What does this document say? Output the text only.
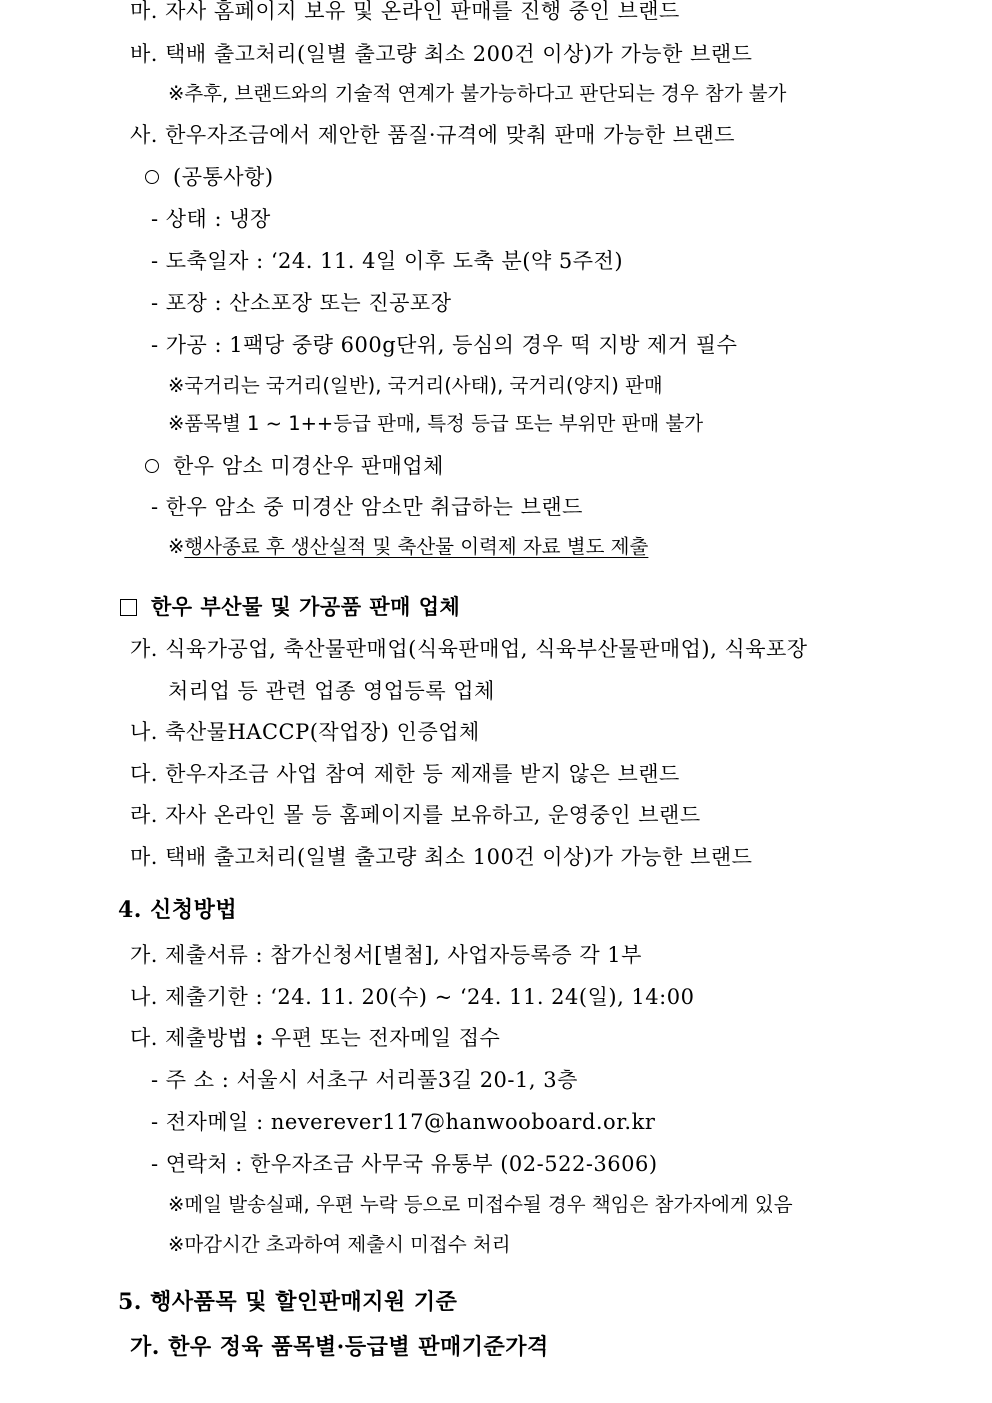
마. 자사 홈페이지 보유 및 온라인 판매를 진행 중인 브랜드
바. 택배 출고처리(일별 출고량 최소 200건 이상)가 가능한 브랜드
※추후, 브랜드와의 기술적 연계가 불가능하다고 판단되는 경우 참가 불가
사. 한우자조금에서 제안한 품질·규격에 맞춰 판매 가능한 브랜드
(공통사항)
- 상태 : 냉장
- 도축일자 : ‘24. 11. 4일 이후 도축 분(약 5주전)
- 포장 : 산소포장 또는 진공포장
- 가공 : 1팩당 중량 600g단위, 등심의 경우 떡 지방 제거 필수
※국거리는 국거리(일반), 국거리(사태), 국거리(양지) 판매
※품목별 1 ~ 1++등급 판매, 특정 등급 또는 부위만 판매 불가
한우 암소 미경산우 판매업체
- 한우 암소 중 미경산 암소만 취급하는 브랜드
※행사종료 후 생산실적 및 축산물 이력제 자료 별도 제출
한우 부산물 및 가공품 판매 업체
가. 식육가공업, 축산물판매업(식육판매업, 식육부산물판매업), 식육포장
처리업 등 관련 업종 영업등록 업체
나. 축산물HACCP(작업장) 인증업체
다. 한우자조금 사업 참여 제한 등 제재를 받지 않은 브랜드
라. 자사 온라인 몰 등 홈페이지를 보유하고, 운영중인 브랜드
마. 택배 출고처리(일별 출고량 최소 100건 이상)가 가능한 브랜드
4. 신청방법
가. 제출서류 : 참가신청서[별첨], 사업자등록증 각 1부
나. 제출기한 : ‘24. 11. 20(수) ~ ‘24. 11. 24(일), 14:00
다. 제출방법 : 우편 또는 전자메일 접수
- 주 소 : 서울시 서초구 서리풀3길 20-1, 3층
- 전자메일 : neverever117@hanwooboard.or.kr
- 연락처 : 한우자조금 사무국 유통부 (02-522-3606)
※메일 발송실패, 우편 누락 등으로 미접수될 경우 책임은 참가자에게 있음
※마감시간 초과하여 제출시 미접수 처리
5. 행사품목 및 할인판매지원 기준
가. 한우 정육 품목별·등급별 판매기준가격
